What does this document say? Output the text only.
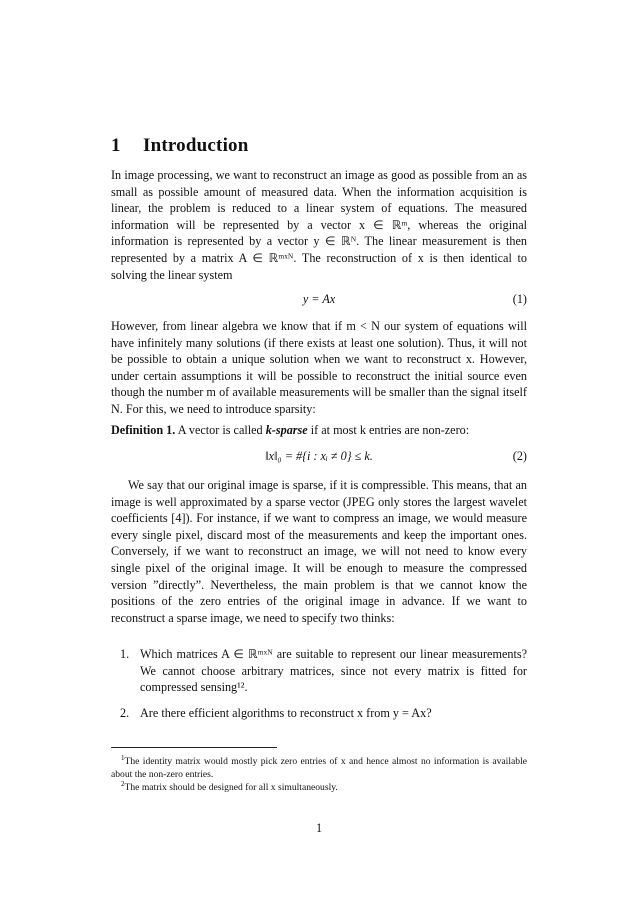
1 Introduction
In image processing, we want to reconstruct an image as good as possible from an as small as possible amount of measured data. When the information acquisition is linear, the problem is reduced to a linear system of equations. The measured information will be represented by a vector x ∈ ℝᵐ, whereas the original information is represented by a vector y ∈ ℝᴺ. The linear measurement is then represented by a matrix A ∈ ℝᵐˣᴺ. The reconstruction of x is then identical to solving the linear system
y = Ax	(1)
However, from linear algebra we know that if m < N our system of equations will have infinitely many solutions (if there exists at least one solution). Thus, it will not be possible to obtain a unique solution when we want to reconstruct x. However, under certain assumptions it will be possible to reconstruct the initial source even though the number m of available measurements will be smaller than the signal itself N. For this, we need to introduce sparsity:
Definition 1. A vector is called k-sparse if at most k entries are non-zero:
‖x‖₀ = #{i : xᵢ ≠ 0} ≤ k.	(2)
We say that our original image is sparse, if it is compressible. This means, that an image is well approximated by a sparse vector (JPEG only stores the largest wavelet coefficients [4]). For instance, if we want to compress an image, we would measure every single pixel, discard most of the measurements and keep the important ones. Conversely, if we want to reconstruct an image, we will not need to know every single pixel of the original image. It will be enough to measure the compressed version ”directly”. Nevertheless, the main problem is that we cannot know the positions of the zero entries of the original image in advance. If we want to reconstruct a sparse image, we need to specify two thinks:
1. Which matrices A ∈ ℝᵐˣᴺ are suitable to represent our linear measurements? We cannot choose arbitrary matrices, since not every matrix is fitted for compressed sensing¹².
2. Are there efficient algorithms to reconstruct x from y = Ax?
$^1$The identity matrix would mostly pick zero entries of x and hence almost no information is available about the non-zero entries.
$^2$The matrix should be designed for all x simultaneously.
1
